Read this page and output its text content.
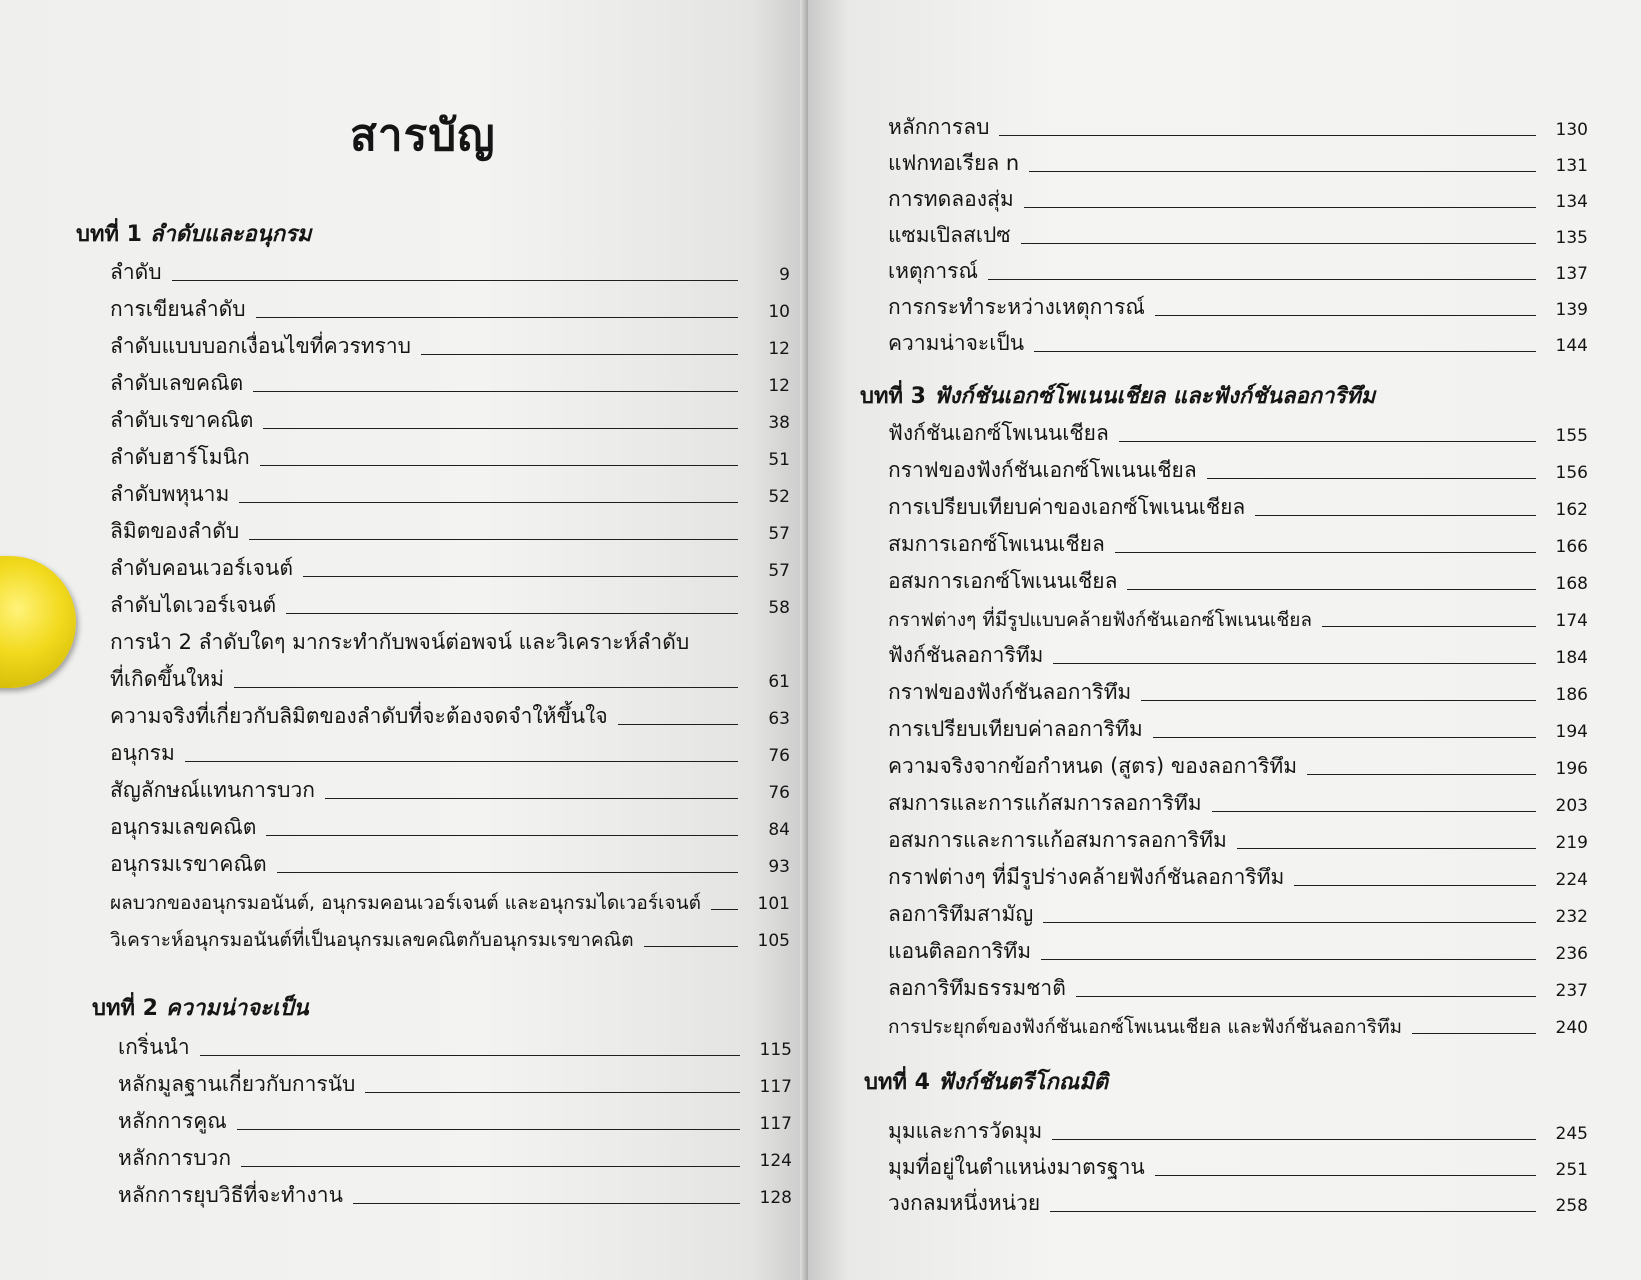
สารบัญ
บทที่ 1 ลำดับและอนุกรม
ลำดับ	9
การเขียนลำดับ	10
ลำดับแบบบอกเงื่อนไขที่ควรทราบ	12
ลำดับเลขคณิต	12
ลำดับเรขาคณิต	38
ลำดับฮาร์โมนิก	51
ลำดับพหุนาม	52
ลิมิตของลำดับ	57
ลำดับคอนเวอร์เจนต์	57
ลำดับไดเวอร์เจนต์	58
การนำ 2 ลำดับใดๆ มากระทำกับพจน์ต่อพจน์ และวิเคราะห์ลำดับ
ที่เกิดขึ้นใหม่	61
ความจริงที่เกี่ยวกับลิมิตของลำดับที่จะต้องจดจำให้ขึ้นใจ	63
อนุกรม	76
สัญลักษณ์แทนการบวก	76
อนุกรมเลขคณิต	84
อนุกรมเรขาคณิต	93
ผลบวกของอนุกรมอนันต์, อนุกรมคอนเวอร์เจนต์ และอนุกรมไดเวอร์เจนต์	101
วิเคราะห์อนุกรมอนันต์ที่เป็นอนุกรมเลขคณิตกับอนุกรมเรขาคณิต	105
บทที่ 2 ความน่าจะเป็น
เกริ่นนำ	115
หลักมูลฐานเกี่ยวกับการนับ	117
หลักการคูณ	117
หลักการบวก	124
หลักการยุบวิธีที่จะทำงาน	128
หลักการลบ	130
แฟกทอเรียล n	131
การทดลองสุ่ม	134
แซมเปิลสเปซ	135
เหตุการณ์	137
การกระทำระหว่างเหตุการณ์	139
ความน่าจะเป็น	144
บทที่ 3 ฟังก์ชันเอกซ์โพเนนเชียล และฟังก์ชันลอการิทึม
ฟังก์ชันเอกซ์โพเนนเชียล	155
กราฟของฟังก์ชันเอกซ์โพเนนเชียล	156
การเปรียบเทียบค่าของเอกซ์โพเนนเชียล	162
สมการเอกซ์โพเนนเชียล	166
อสมการเอกซ์โพเนนเชียล	168
กราฟต่างๆ ที่มีรูปแบบคล้ายฟังก์ชันเอกซ์โพเนนเชียล	174
ฟังก์ชันลอการิทึม	184
กราฟของฟังก์ชันลอการิทึม	186
การเปรียบเทียบค่าลอการิทึม	194
ความจริงจากข้อกำหนด (สูตร) ของลอการิทึม	196
สมการและการแก้สมการลอการิทึม	203
อสมการและการแก้อสมการลอการิทึม	219
กราฟต่างๆ ที่มีรูปร่างคล้ายฟังก์ชันลอการิทึม	224
ลอการิทึมสามัญ	232
แอนติลอการิทึม	236
ลอการิทึมธรรมชาติ	237
การประยุกต์ของฟังก์ชันเอกซ์โพเนนเชียล และฟังก์ชันลอการิทึม	240
บทที่ 4 ฟังก์ชันตรีโกณมิติ
มุมและการวัดมุม	245
มุมที่อยู่ในตำแหน่งมาตรฐาน	251
วงกลมหนึ่งหน่วย	258
